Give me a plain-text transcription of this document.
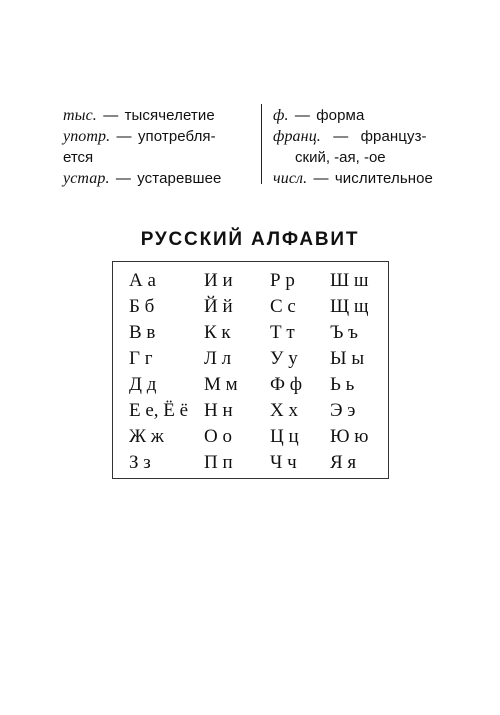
тыс. — тысячелетие
употр. — употребля-
ется
устар. — устаревшее
ф. — форма
франц. — француз-
ский, -ая, -ое
числ. — числительное
РУССКИЙ АЛФАВИТ
А а
Б б
В в
Г г
Д д
Е е, Ё ё
Ж ж
З з
И и
Й й
К к
Л л
М м
Н н
О о
П п
Р р
С с
Т т
У у
Ф ф
Х х
Ц ц
Ч ч
Ш ш
Щ щ
Ъ ъ
Ы ы
Ь ь
Э э
Ю ю
Я я
